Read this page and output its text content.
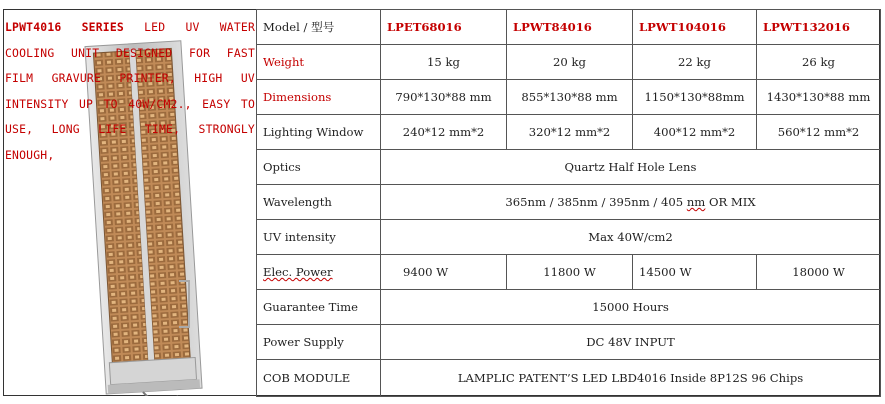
LPWT4016 SERIES LED UV WATER COOLING UNIT DESIGNED FOR FAST FILM GRAVURE PRINTER, HIGH UV INTENSITY UP TO 40W/CM2., EASY TO USE, LONG LIFE TIME, STRONGLY ENOUGH,
Model / 型号	LPET68016	LPWT84016	LPWT104016	LPWT132016
Weight	15 kg	20 kg	22 kg	26 kg
Dimensions	790*130*88 mm	855*130*88 mm	1150*130*88mm	1430*130*88 mm
Lighting Window	240*12 mm*2	320*12 mm*2	400*12 mm*2	560*12 mm*2
Optics	Quartz Half Hole Lens			
Wavelength	365nm / 385nm / 395nm / 405 nm OR MIX			
UV intensity	Max 40W/cm2			
Elec. Power	9400 W	11800 W	14500 W	18000 W
Guarantee Time	15000 Hours			
Power Supply	DC 48V INPUT			
COB MODULE	LAMPLIC PATENT’S LED LBD4016 Inside 8P12S 96 Chips			
